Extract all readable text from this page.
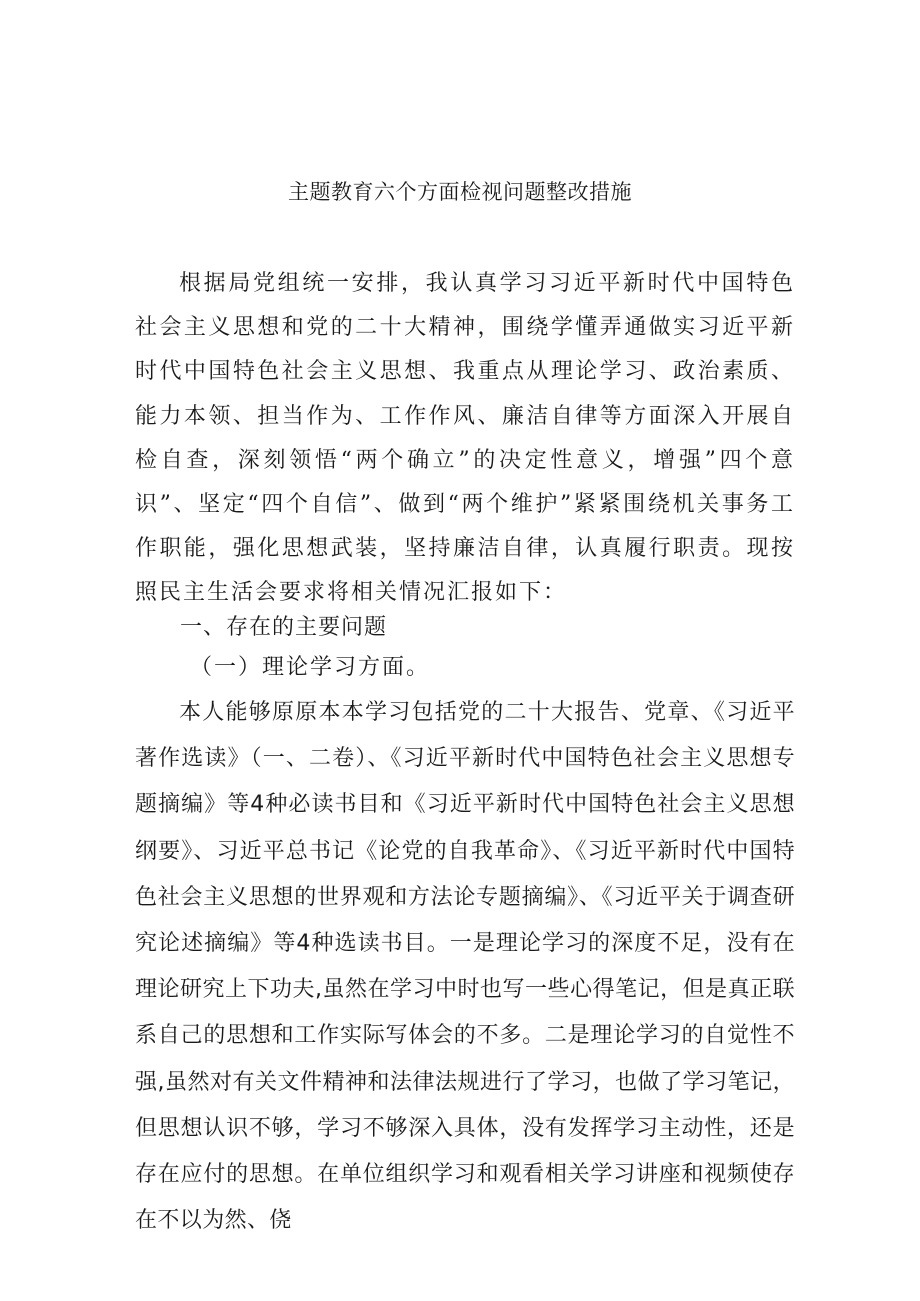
主题教育六个方面检视问题整改措施

根据局党组统一安排，我认真学习习近平新时代中国特色社会主义思想和党的二十大精神，围绕学懂弄通做实习近平新时代中国特色社会主义思想、我重点从理论学习、政治素质、能力本领、担当作为、工作作风、廉洁自律等方面深入开展自检自查，深刻领悟“两个确立”的决定性意义，增强”四个意识”、坚定“四个自信”、做到“两个维护”紧紧围绕机关事务工作职能，强化思想武装，坚持廉洁自律，认真履行职责。现按照民主生活会要求将相关情况汇报如下：

一、存在的主要问题
（一）理论学习方面。

本人能够原原本本学习包括党的二十大报告、党章、《习近平著作选读》（一、二卷）、《习近平新时代中国特色社会主义思想专题摘编》等4种必读书目和《习近平新时代中国特色社会主义思想纲要》、习近平总书记《论党的自我革命》、《习近平新时代中国特色社会主义思想的世界观和方法论专题摘编》、《习近平关于调查研究论述摘编》等4种选读书目。一是理论学习的深度不足，没有在理论研究上下功夫,虽然在学习中时也写一些心得笔记，但是真正联系自己的思想和工作实际写体会的不多。二是理论学习的自觉性不强,虽然对有关文件精神和法律法规进行了学习，也做了学习笔记，但思想认识不够，学习不够深入具体，没有发挥学习主动性，还是存在应付的思想。在单位组织学习和观看相关学习讲座和视频使存在不以为然、侥
